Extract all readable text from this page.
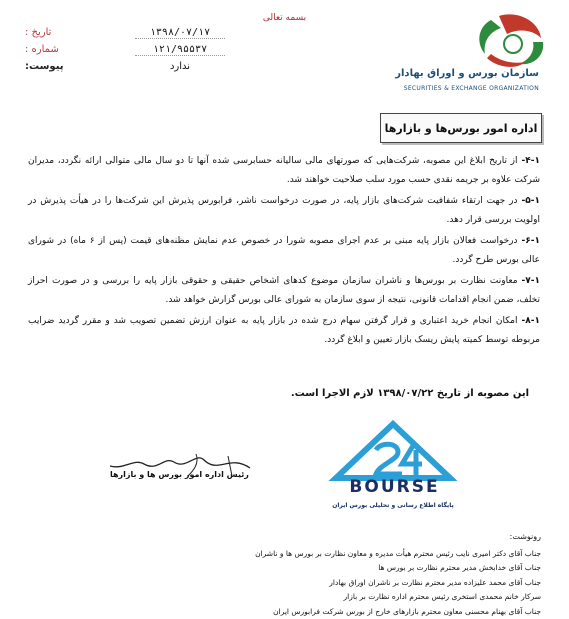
بسمه تعالی
۱۳۹۸/۰۷/۱۷
تاریخ :
۱۲۱/۹۵۵۳۷
شماره :
ندارد
پیوست:
سازمان بورس و اوراق بهادار
SECURITIES & EXCHANGE ORGANIZATION
اداره امور بورس‌ها و بازارها
۴-۱-از تاریخ ابلاغ این مصوبه، شرکت‌هایی که صورتهای مالی سالیانه حسابرسی شده آنها تا دو سال مالی متوالی ارائه نگردد، مدیران شرکت علاوه بر جریمه نقدی حسب مورد سلب صلاحیت خواهند شد.
۵-۱-در جهت ارتقاء شفافیت شرکت‌های بازار پایه، در صورت درخواست ناشر، فرابورس پذیرش این شرکت‌ها را در هیأت پذیرش در اولویت بررسی قرار دهد.
۶-۱-درخواست فعالان بازار پایه مبنی بر عدم اجرای مصوبه شورا در خصوص عدم نمایش مظنه‌های قیمت (پس از ۶ ماه) در شورای عالی بورس طرح گردد.
۷-۱-معاونت نظارت بر بورس‌ها و ناشران سازمان موضوع کدهای اشخاص حقیقی و حقوقی بازار پایه را بررسی و در صورت احراز تخلف، ضمن انجام اقدامات قانونی، نتیجه از سوی سازمان به شورای عالی بورس گزارش خواهد شد.
۸-۱-امکان انجام خرید اعتباری و قرار گرفتن سهام درج شده در بازار پایه به عنوان ارزش تضمین تصویب شد و مقرر گردید ضرایب مربوطه توسط کمیته پایش ریسک بازار تعیین و ابلاغ گردد.
این مصوبه از تاریخ ۱۳۹۸/۰۷/۲۲ لازم الاجرا است.
رئیس اداره امور بورس ها و بازارها
BOURSE
پایگاه اطلاع رسانی و تحلیلی بورس ایران
رونوشت:
جناب آقای دکتر امیری نایب رئیس محترم هیأت مدیره و معاون نظارت بر بورس ها و ناشران
جناب آقای خدابخش مدیر محترم نظارت بر بورس ها
جناب آقای محمد علیزاده مدیر محترم نظارت بر ناشران اوراق بهادار
سرکار خانم محمدی استخری رئیس محترم اداره نظارت بر بازار
جناب آقای بهنام محسنی معاون محترم بازارهای خارج از بورس شرکت فرابورس ایران
